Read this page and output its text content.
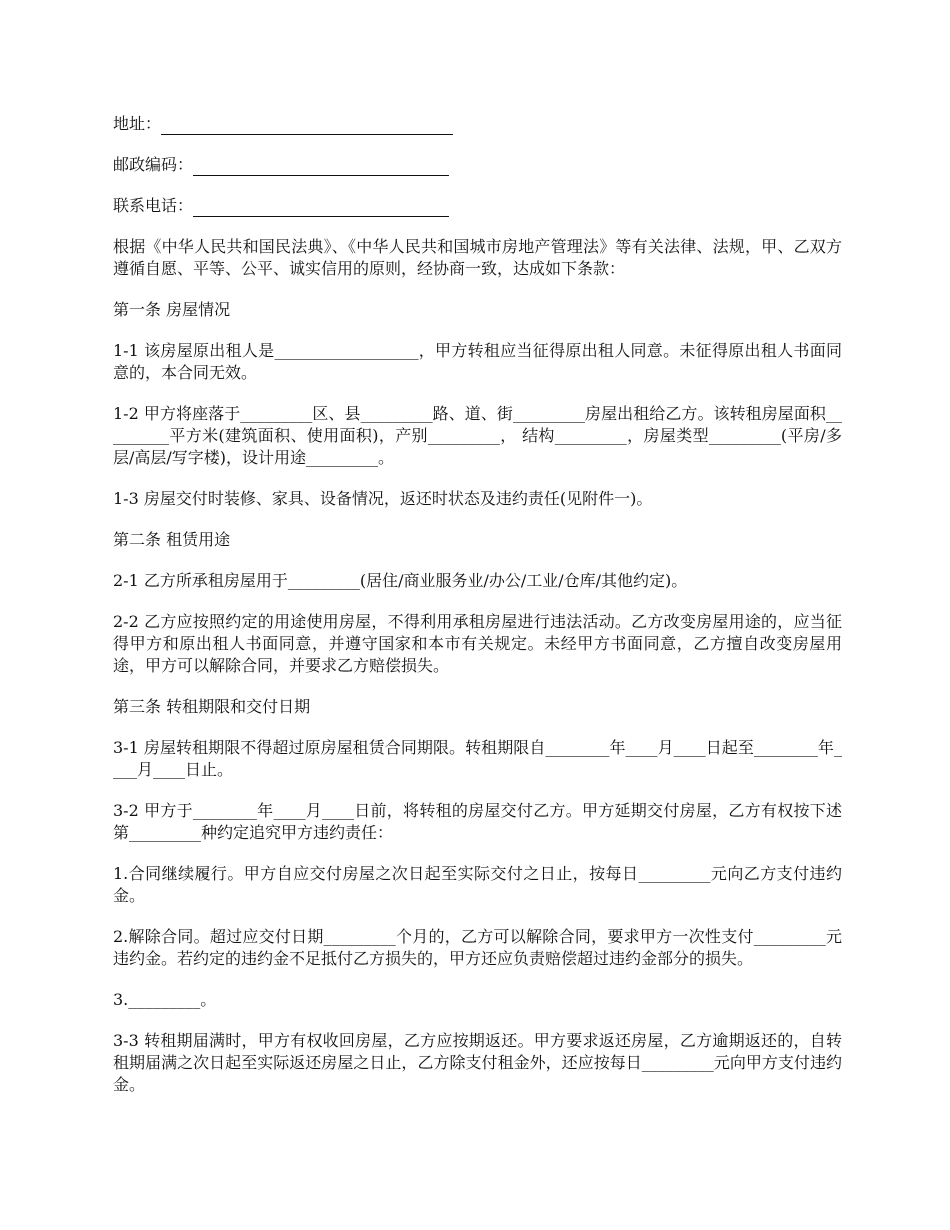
地址：
邮政编码：
联系电话：

根据《中华人民共和国民法典》、《中华人民共和国城市房地产管理法》等有关法律、法规，甲、乙双方遵循自愿、平等、公平、诚实信用的原则，经协商一致，达成如下条款：

第一条 房屋情况

1-1 该房屋原出租人是__________________，甲方转租应当征得原出租人同意。未征得原出租人书面同意的，本合同无效。

1-2 甲方将座落于_________区、县_________路、道、街_________房屋出租给乙方。该转租房屋面积_________平方米(建筑面积、使用面积)，产别_________， 结构_________，房屋类型_________(平房/多层/高层/写字楼)，设计用途_________。

1-3 房屋交付时装修、家具、设备情况，返还时状态及违约责任(见附件一)。

第二条 租赁用途

2-1 乙方所承租房屋用于_________(居住/商业服务业/办公/工业/仓库/其他约定)。

2-2 乙方应按照约定的用途使用房屋，不得利用承租房屋进行违法活动。乙方改变房屋用途的，应当征得甲方和原出租人书面同意，并遵守国家和本市有关规定。未经甲方书面同意，乙方擅自改变房屋用途，甲方可以解除合同，并要求乙方赔偿损失。

第三条 转租期限和交付日期

3-1 房屋转租期限不得超过原房屋租赁合同期限。转租期限自________年____月____日起至________年____月____日止。

3-2 甲方于________年____月____日前，将转租的房屋交付乙方。甲方延期交付房屋，乙方有权按下述第_________种约定追究甲方违约责任：

1.合同继续履行。甲方自应交付房屋之次日起至实际交付之日止，按每日_________元向乙方支付违约金。

2.解除合同。超过应交付日期_________个月的，乙方可以解除合同，要求甲方一次性支付_________元违约金。若约定的违约金不足抵付乙方损失的，甲方还应负责赔偿超过违约金部分的损失。

3._________。

3-3 转租期届满时，甲方有权收回房屋，乙方应按期返还。甲方要求返还房屋，乙方逾期返还的，自转租期届满之次日起至实际返还房屋之日止，乙方除支付租金外，还应按每日_________元向甲方支付违约金。
